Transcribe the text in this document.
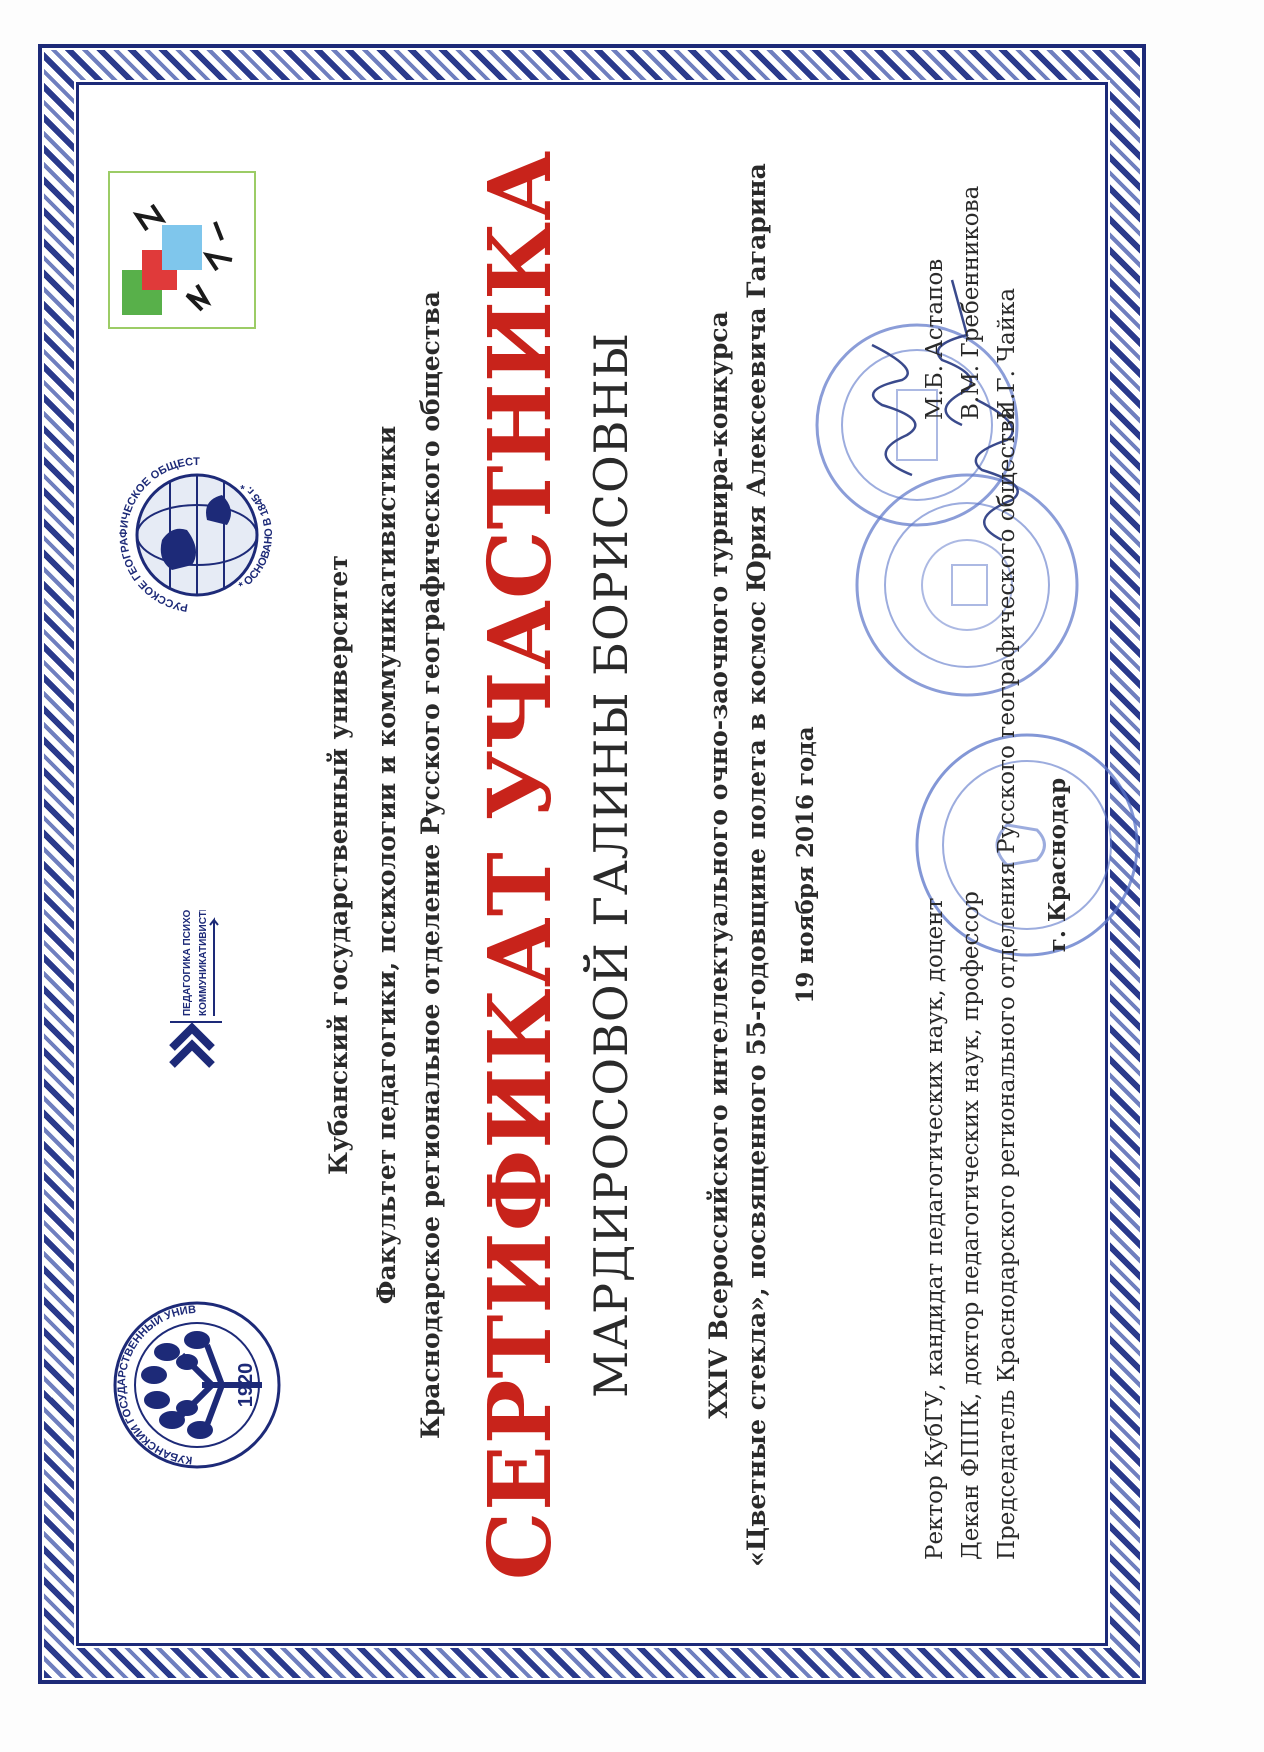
1920
КУБАНСКИЙ ГОСУДАРСТВЕННЫЙ УНИВ
ПЕДАГОГИКА ПСИХОЛОГИЯ КОММУНИКАТИВИСТИКА
РУССКОЕ ГЕОГРАФИЧЕСКОЕ ОБЩЕСТ
* ОСНОВАНО В 1845 г. *
Кубанский государственный университет Факультет педагогики, психологии и коммуникативистики Краснодарское региональное отделение Русского географического общества СЕРТИФИКАТ УЧАСТНИКА МАРДИРОСОВОЙ ГАЛИНЫ БОРИСОВНЫ	XXIV Всероссийского интеллектуального очно-заочного турнира-конкурса «Цветные стекла», посвященного 55-годовщине полета в космос Юрия Алексеевича Гагарина 19 ноября 2016 года
Ректор КубГУ, кандидат педагогических наук, доцент
М.Б. Астапов
Декан ФППК, доктор педагогических наук, профессор
В.М. Гребенникова
Председатель Краснодарского регионального отделения Русского географического общества
И.Г. Чайка
г. Краснодар
